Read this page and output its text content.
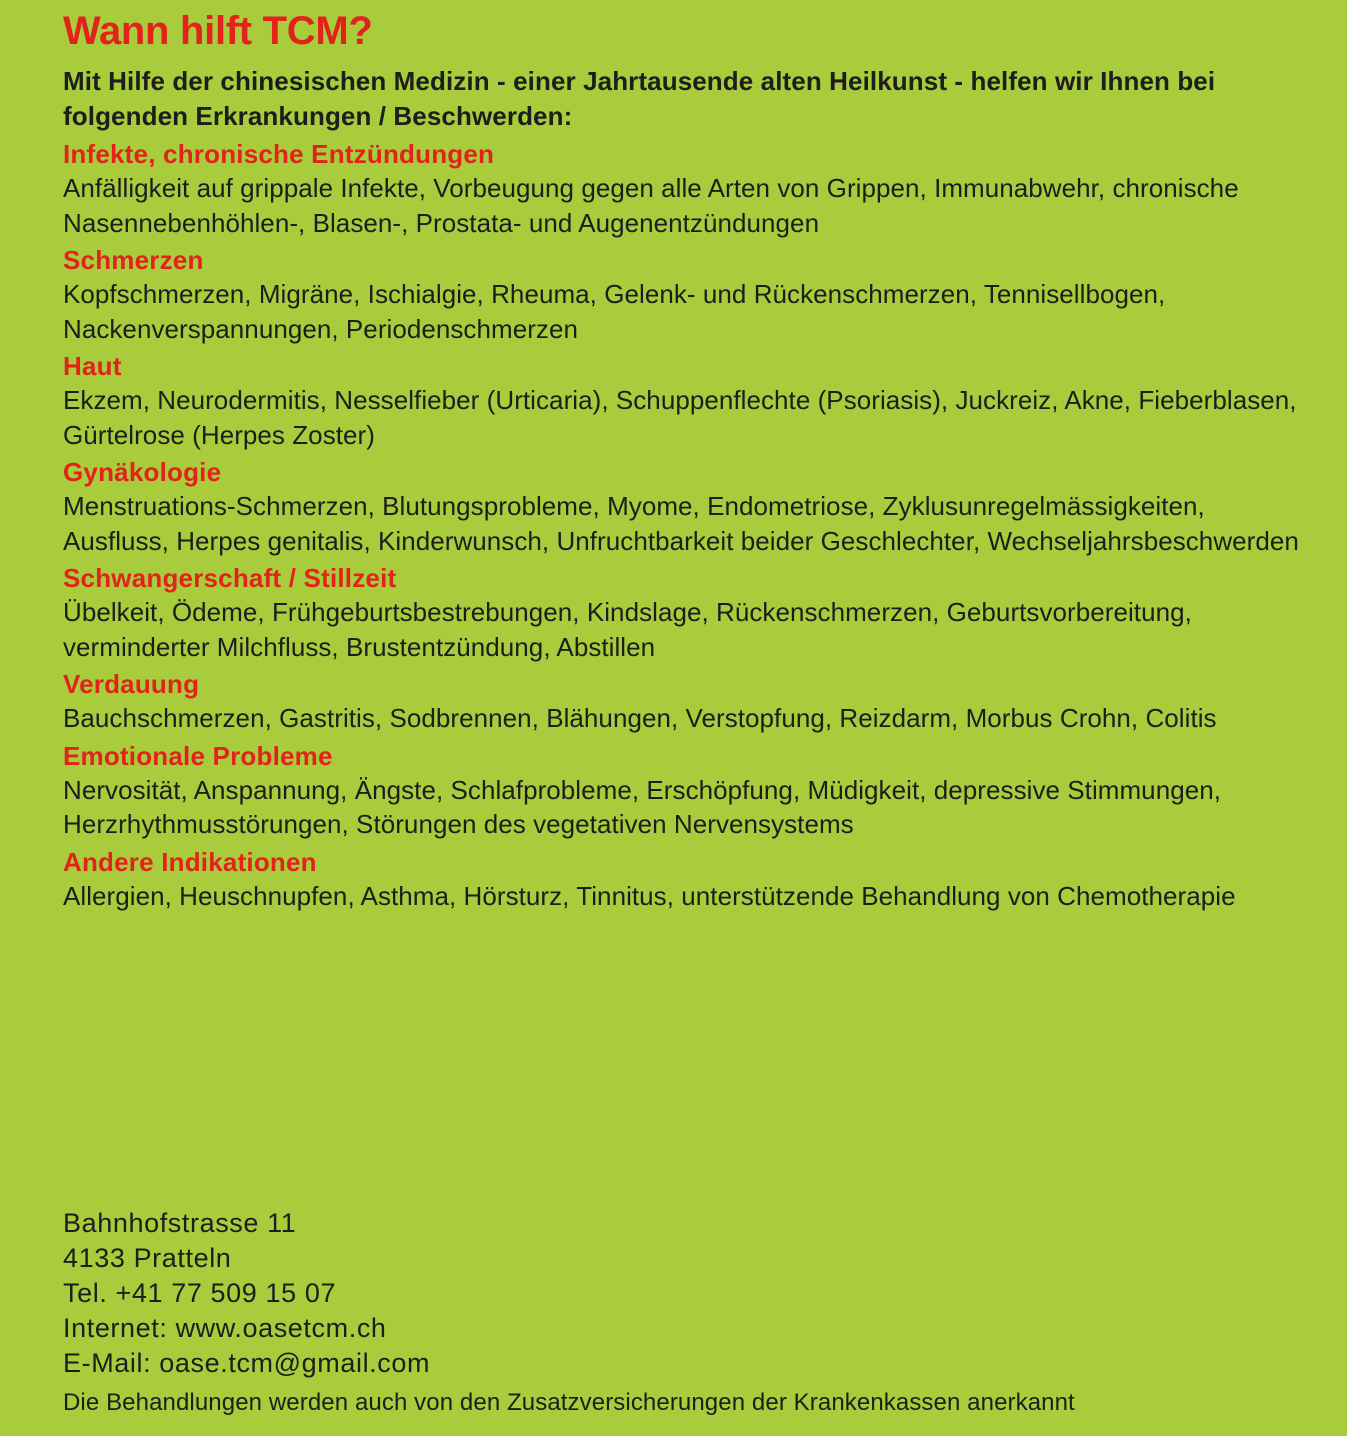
Wann hilft TCM?

Mit Hilfe der chinesischen Medizin - einer Jahrtausende alten Heilkunst - helfen wir Ihnen bei folgenden Erkrankungen / Beschwerden:

Infekte, chronische Entzündungen

Anfälligkeit auf grippale Infekte, Vorbeugung gegen alle Arten von Grippen, Immunabwehr, chronische Nasennebenhöhlen-, Blasen-, Prostata- und Augenentzündungen

Schmerzen

Kopfschmerzen, Migräne, Ischialgie, Rheuma, Gelenk- und Rückenschmerzen, Tennisellbogen, Nackenverspannungen, Periodenschmerzen

Haut

Ekzem, Neurodermitis, Nesselfieber (Urticaria), Schuppenflechte (Psoriasis), Juckreiz, Akne, Fieberblasen, Gürtelrose (Herpes Zoster)

Gynäkologie

Menstruations-Schmerzen, Blutungsprobleme, Myome, Endometriose, Zyklusunregelmässigkeiten, Ausfluss, Herpes genitalis, Kinderwunsch, Unfruchtbarkeit beider Geschlechter, Wechseljahrsbeschwerden

Schwangerschaft / Stillzeit

Übelkeit, Ödeme, Frühgeburtsbestrebungen, Kindslage, Rückenschmerzen, Geburtsvorbereitung, verminderter Milchfluss, Brustentzündung, Abstillen

Verdauung

Bauchschmerzen, Gastritis, Sodbrennen, Blähungen, Verstopfung, Reizdarm, Morbus Crohn, Colitis

Emotionale Probleme

Nervosität, Anspannung, Ängste, Schlafprobleme, Erschöpfung, Müdigkeit, depressive Stimmungen, Herzrhythmusstörungen, Störungen des vegetativen Nervensystems

Andere Indikationen

Allergien, Heuschnupfen, Asthma, Hörsturz, Tinnitus, unterstützende Behandlung von Chemotherapie

Bahnhofstrasse 11
4133 Pratteln
Tel. +41 77 509 15 07
Internet: www.oasetcm.ch
E-Mail: oase.tcm@gmail.com
Die Behandlungen werden auch von den Zusatzversicherungen der Krankenkassen anerkannt
